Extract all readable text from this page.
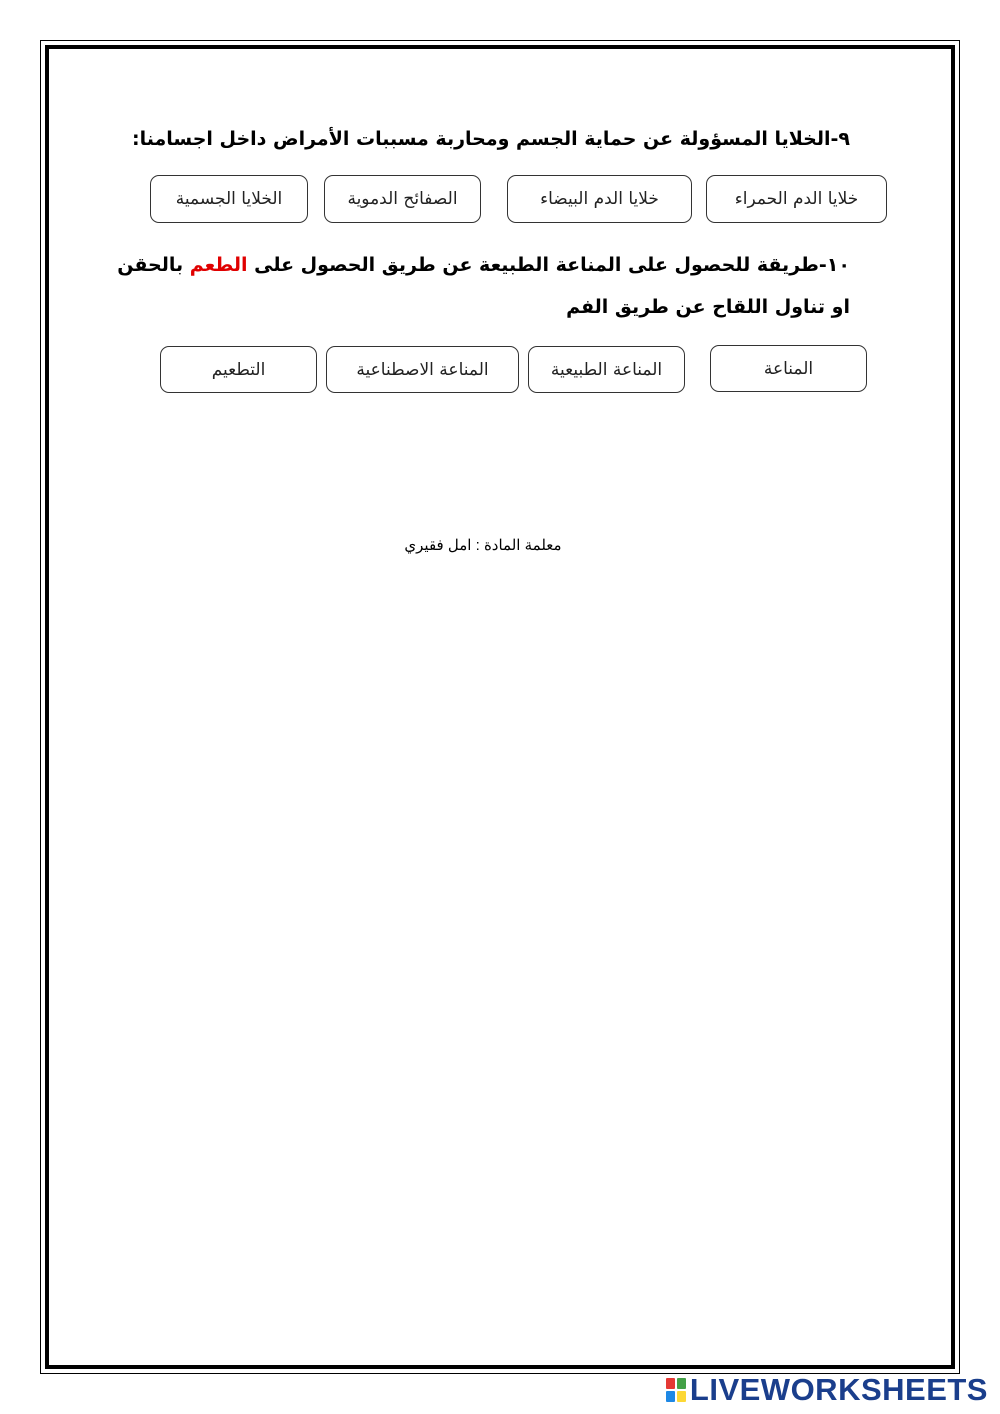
٩-الخلايا المسؤولة عن حماية الجسم ومحاربة مسببات الأمراض داخل اجسامنا:
خلايا الدم الحمراء
خلايا الدم البيضاء
الصفائح الدموية
الخلايا الجسمية
١٠-طريقة للحصول على المناعة الطبيعة عن طريق الحصول على الطعم بالحقن
او تناول اللقاح عن طريق الفم
المناعة
المناعة الطبيعية
المناعة الاصطناعية
التطعيم
معلمة المادة : امل فقيري
LIVEWORKSHEETS
